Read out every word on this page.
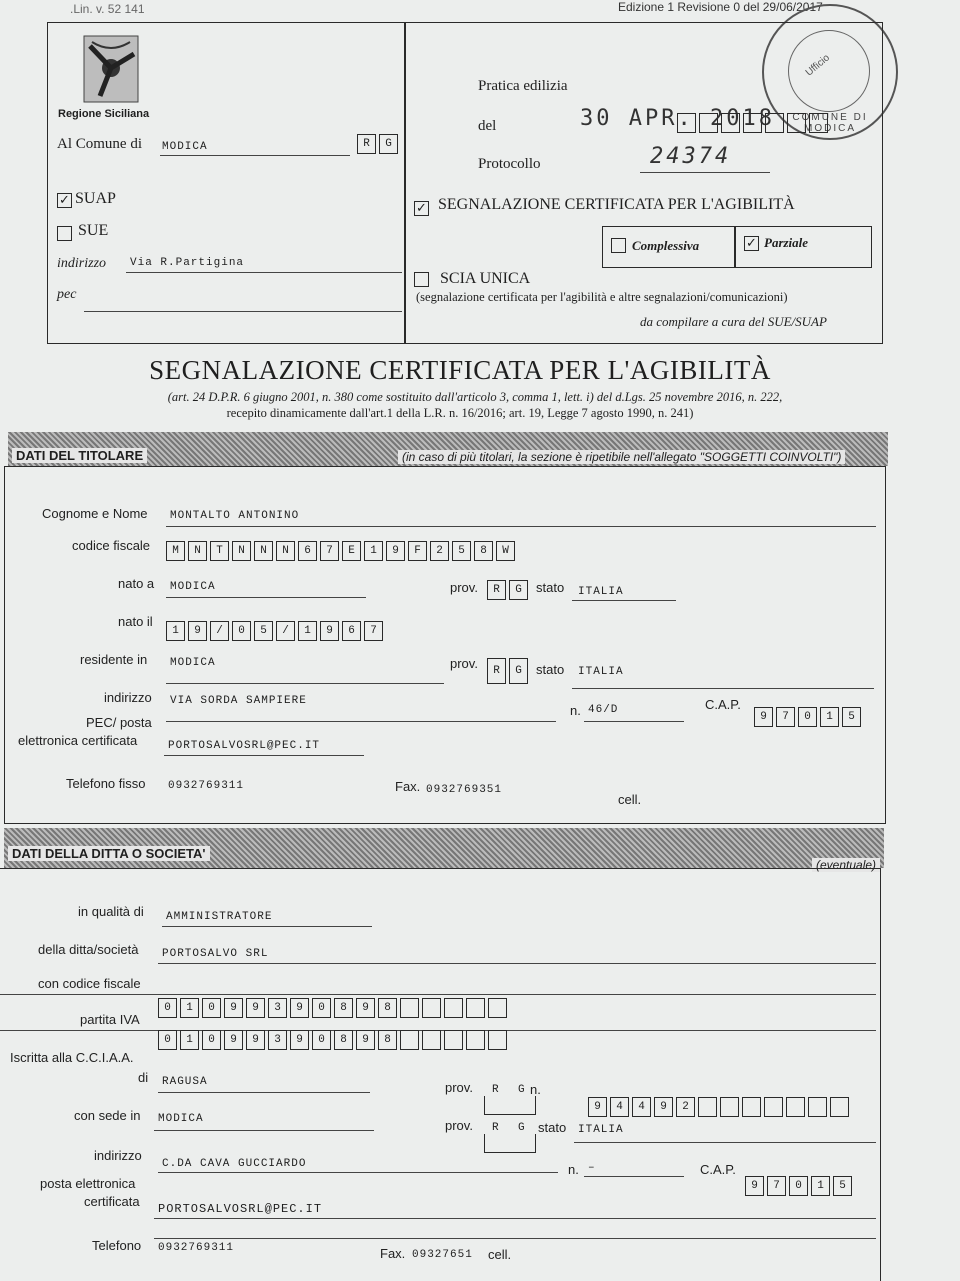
.Lin. v. 52 141	Edizione 1 Revisione 0 del 29/06/2017
COMUNE DI MODICA
Ufficio
Regione Siciliana
Al Comune di MODICA	R	G
✓ SUAP
SUE
indirizzo Via R.Partigina
pec
Pratica edilizia
del	30 APR. 2018
Protocollo	24374
✓ SEGNALAZIONE CERTIFICATA PER L'AGIBILITÀ
Complessiva	✓ Parziale
SCIA UNICA
(segnalazione certificata per l'agibilità e altre segnalazioni/comunicazioni)
da compilare a cura del SUE/SUAP
SEGNALAZIONE CERTIFICATA PER L'AGIBILITÀ
(art. 24 D.P.R. 6 giugno 2001, n. 380 come sostituito dall'articolo 3, comma 1, lett. i) del d.Lgs. 25 novembre 2016, n. 222,
recepito dinamicamente dall'art.1 della L.R. n. 16/2016; art. 19, Legge 7 agosto 1990, n. 241)
DATI DEL TITOLARE	(in caso di più titolari, la sezione è ripetibile nell'allegato "SOGGETTI COINVOLTI")
Cognome e Nome MONTALTO ANTONINO
codice fiscale	M	N	T	N	N	N	6	7	E	1	9	F	2	5	8	W
nato a MODICA	prov.	R	G	stato ITALIA
nato il
1	9	/	0	5	/	1	9	6	7
residente in MODICA	prov.	R	G	stato ITALIA
indirizzo VIA SORDA SAMPIERE
n. 46/D	C.A.P.
9	7	0	1	5
PEC/ posta
elettronica certificata	PORTOSALVOSRL@PEC.IT
Telefono fisso 0932769311	Fax. 0932769351
cell.
DATI DELLA DITTA O SOCIETA'
(eventuale)
in qualità di AMMINISTRATORE
della ditta/società PORTOSALVO SRL
con codice fiscale
0	1	0	9	9	3	9	0	8	9	8
partita IVA
0	1	0	9	9	3	9	0	8	9	8
Iscritta alla C.C.I.A.A.
di RAGUSA	prov. R G n.
9	4	4	9	2
con sede in MODICA	prov. R G stato ITALIA
indirizzo
C.DA CAVA GUCCIARDO	n. –	C.A.P.
9	7	0	1	5
posta elettronica
certificata PORTOSALVOSRL@PEC.IT
Telefono 0932769311	Fax. 09327651 cell.
